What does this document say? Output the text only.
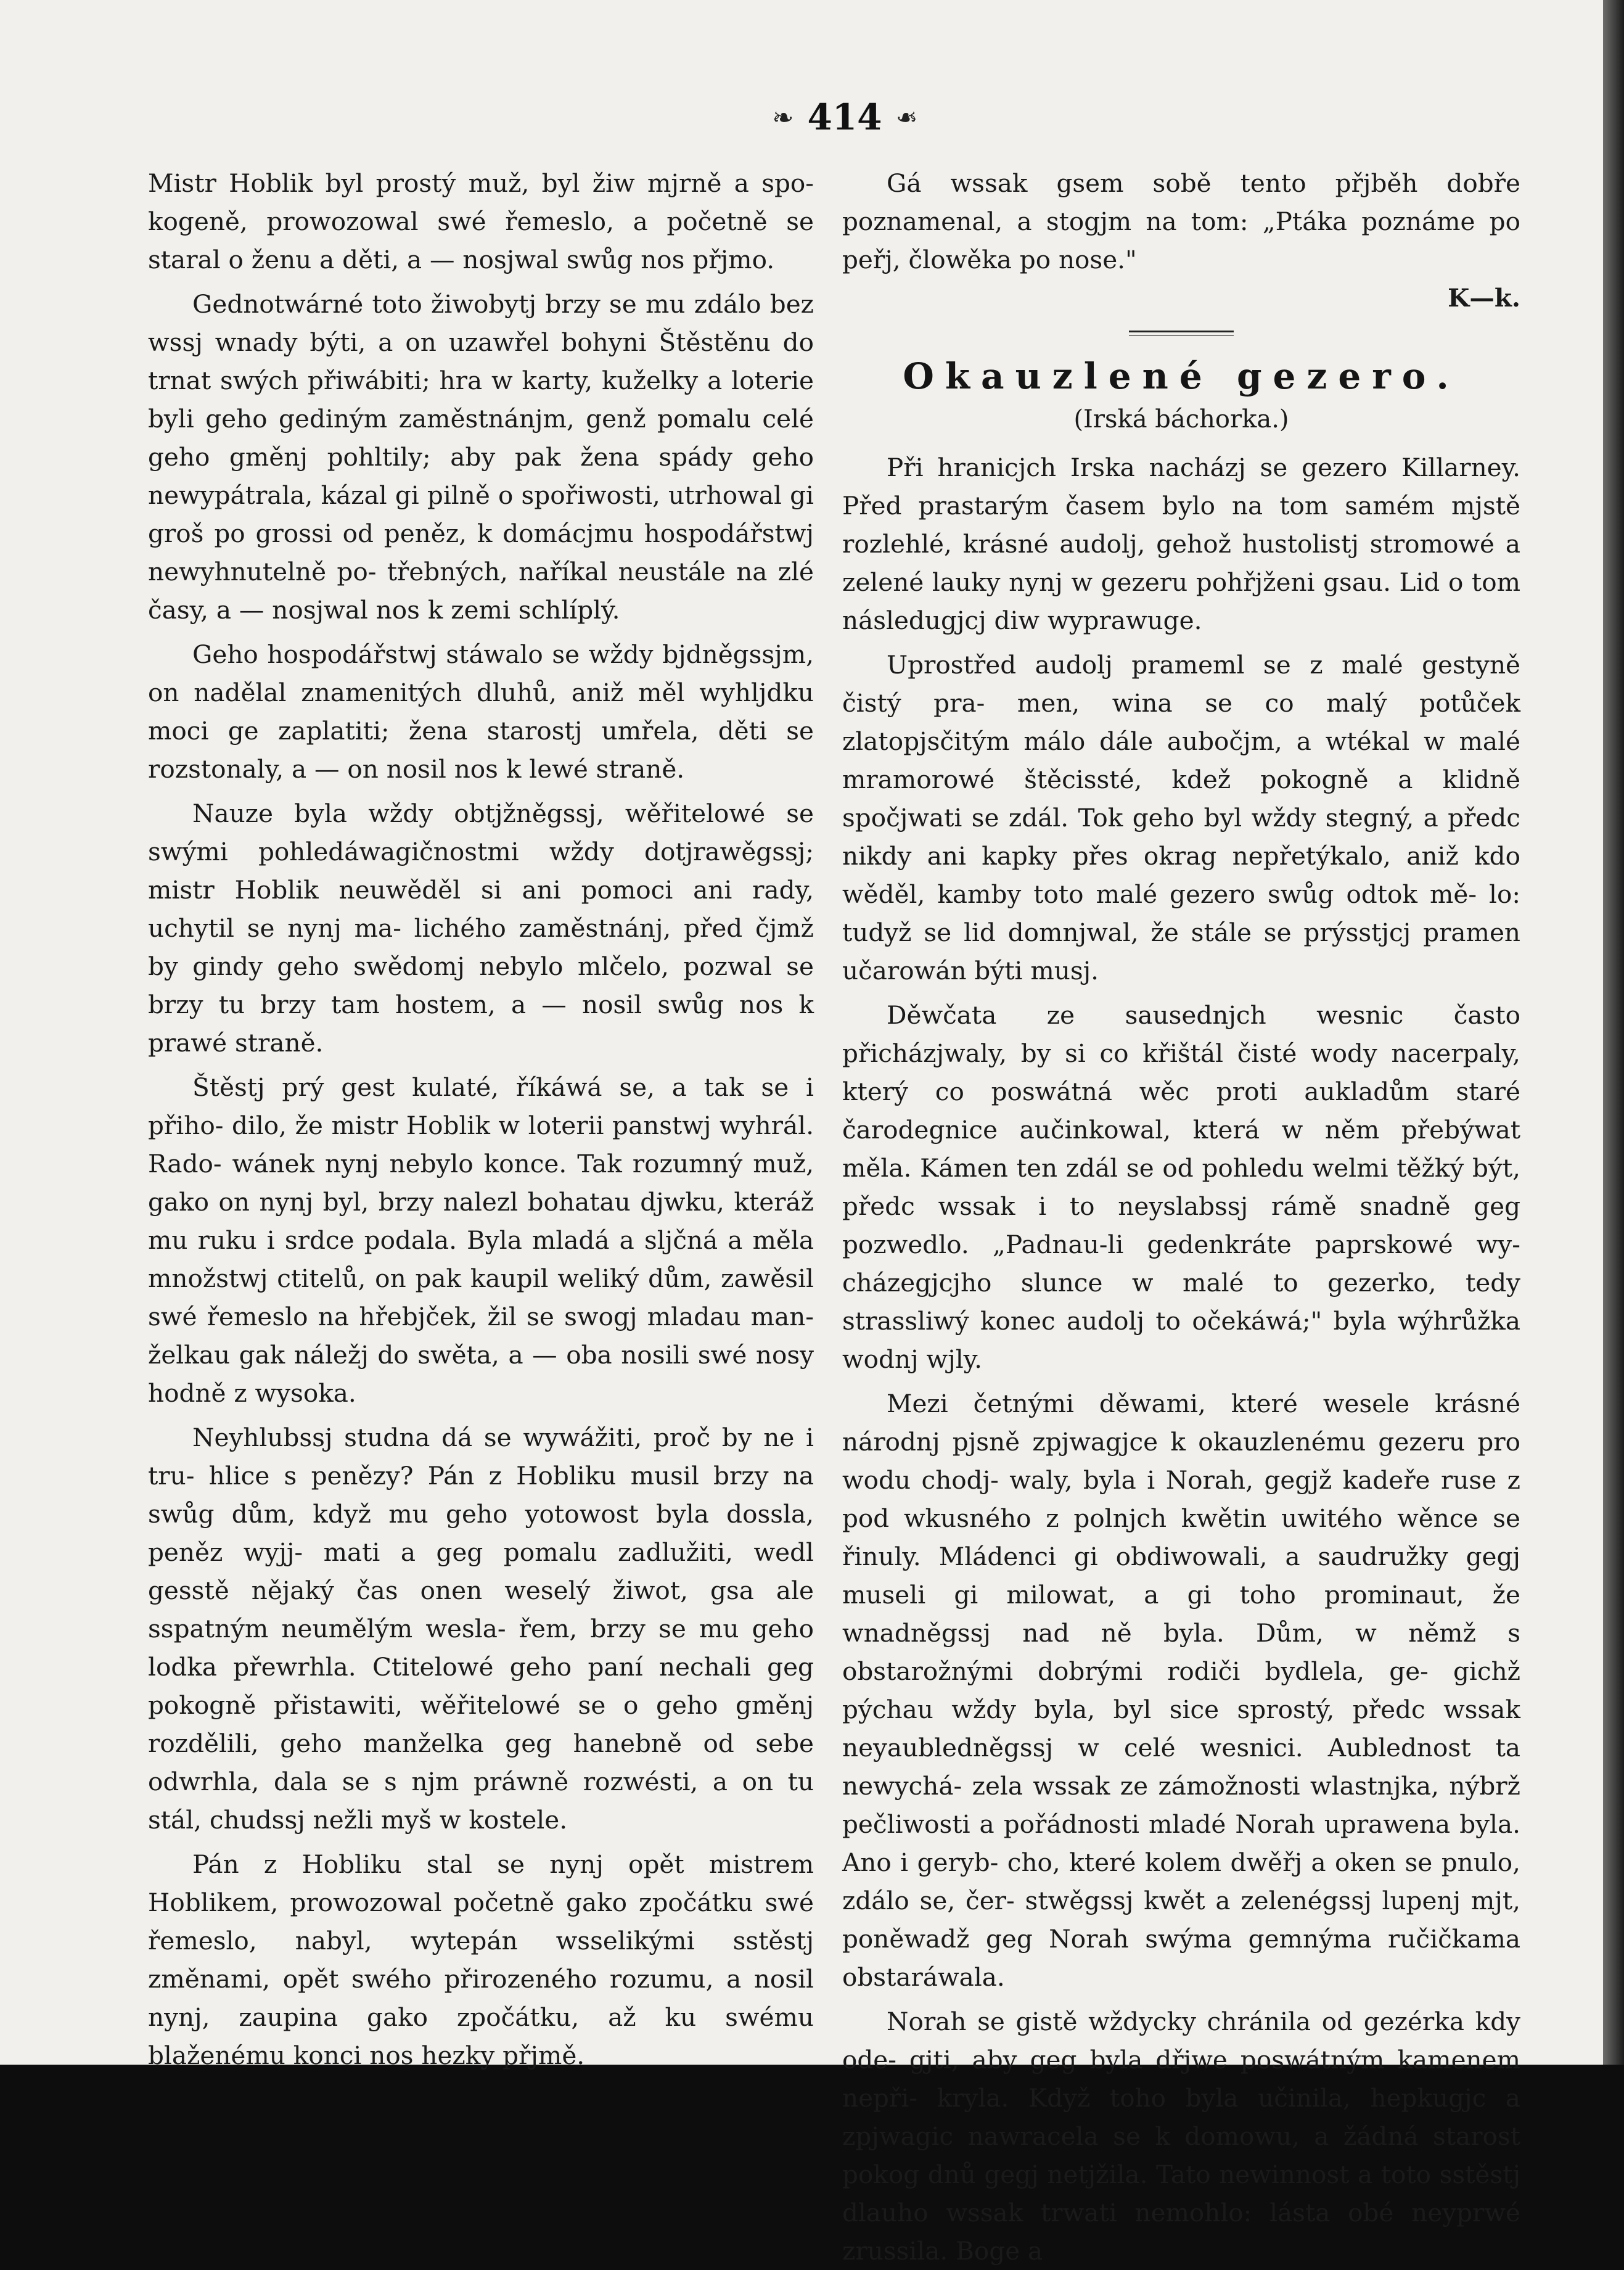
❧ 414 ❧

Mistr Hoblik byl prostý muž, byl žiw mjrně a spo- kogeně, prowozowal swé řemeslo, a početně se staral o ženu a děti, a — nosjwal swůg nos přjmo.

Gednotwárné toto žiwobytj brzy se mu zdálo bez wssj wnady býti, a on uzawřel bohyni Štěstěnu do trnat swých přiwábiti; hra w karty, kuželky a loterie byli geho gediným zaměstnánjm, genž pomalu celé geho gměnj pohltily; aby pak žena spády geho newypátrala, kázal gi pilně o spořiwosti, utrhowal gi groš po grossi od peněz, k domácjmu hospodářstwj newyhnutelně po- třebných, naříkal neustále na zlé časy, a — nosjwal nos k zemi schlíplý.

Geho hospodářstwj stáwalo se wždy bjdněgssjm, on nadělal znamenitých dluhů, aniž měl wyhljdku moci ge zaplatiti; žena starostj umřela, děti se rozstonaly, a — on nosil nos k lewé straně.

Nauze byla wždy obtjžněgssj, wěřitelowé se swými pohledáwagičnostmi wždy dotjrawěgssj; mistr Hoblik neuwěděl si ani pomoci ani rady, uchytil se nynj ma- lichého zaměstnánj, před čjmž by gindy geho swědomj nebylo mlčelo, pozwal se brzy tu brzy tam hostem, a — nosil swůg nos k prawé straně.

Štěstj prý gest kulaté, říkáwá se, a tak se i přiho- dilo, že mistr Hoblik w loterii panstwj wyhrál. Rado- wánek nynj nebylo konce. Tak rozumný muž, gako on nynj byl, brzy nalezl bohatau djwku, kteráž mu ruku i srdce podala. Byla mladá a sljčná a měla množstwj ctitelů, on pak kaupil weliký dům, zawěsil swé řemeslo na hřebjček, žil se swogj mladau man- želkau gak náležj do swěta, a — oba nosili swé nosy hodně z wysoka.

Neyhlubssj studna dá se wywážiti, proč by ne i tru- hlice s penězy? Pán z Hobliku musil brzy na swůg dům, když mu geho yotowost byla dossla, peněz wyjj- mati a geg pomalu zadlužiti, wedl gesstě nějaký čas onen weselý žiwot, gsa ale sspatným neumělým wesla- řem, brzy se mu geho lodka přewrhla. Ctitelowé geho paní nechali geg pokogně přistawiti, wěřitelowé se o geho gměnj rozdělili, geho manželka geg hanebně od sebe odwrhla, dala se s njm práwně rozwésti, a on tu stál, chudssj nežli myš w kostele.

Pán z Hobliku stal se nynj opět mistrem Hoblikem, prowozowal početně gako zpočátku swé řemeslo, nabyl, wytepán wsselikými sstěstj změnami, opět swého přirozeného rozumu, a nosil nynj, zaupina gako zpočátku, až ku swému blaženému konci nos hezky přjmě.

Gá wssak gsem sobě tento přjběh dobře poznamenal, a stogjm na tom: „Ptáka poznáme po peřj, člowěka po nose."

K—k.
Okauzlené gezero.
(Irská báchorka.)

Při hranicjch Irska nacházj se gezero Killarney. Před prastarým časem bylo na tom samém mjstě rozlehlé, krásné audolj, gehož hustolistj stromowé a zelené lauky nynj w gezeru pohřjženi gsau. Lid o tom následugjcj diw wyprawuge.

Uprostřed audolj prameml se z malé gestyně čistý pra- men, wina se co malý potůček zlatopjsčitým málo dále aubočjm, a wtékal w malé mramorowé štěcissté, kdež pokogně a klidně spočjwati se zdál. Tok geho byl wždy stegný, a předc nikdy ani kapky přes okrag nepřetýkalo, aniž kdo wěděl, kamby toto malé gezero swůg odtok mě- lo: tudyž se lid domnjwal, že stále se prýsstjcj pramen učarowán býti musj.

Děwčata ze sausednjch wesnic často přicházjwaly, by si co křištál čisté wody nacerpaly, který co poswátná wěc proti aukladům staré čarodegnice aučinkowal, která w něm přebýwat měla. Kámen ten zdál se od pohledu welmi těžký být, předc wssak i to neyslabssj rámě snadně geg pozwedlo. „Padnau-li gedenkráte paprskowé wy- cházegjcjho slunce w malé to gezerko, tedy strassliwý konec audolj to očekáwá;" byla wýhrůžka wodnj wjly.

Mezi četnými děwami, které wesele krásné národnj pjsně zpjwagjce k okauzlenému gezeru pro wodu chodj- waly, byla i Norah, gegjž kadeře ruse z pod wkusného z polnjch kwětin uwitého wěnce se řinuly. Mládenci gi obdiwowali, a saudružky gegj museli gi milowat, a gi toho prominaut, že wnadněgssj nad ně byla. Dům, w němž s obstarožnými dobrými rodiči bydlela, ge- gichž pýchau wždy byla, byl sice sprostý, předc wssak neyaubledněgssj w celé wesnici. Aublednost ta newychá- zela wssak ze zámožnosti wlastnjka, nýbrž pečliwosti a pořádnosti mladé Norah uprawena byla. Ano i geryb- cho, které kolem dwěřj a oken se pnulo, zdálo se, čer- stwěgssj kwět a zelenégssj lupenj mjt, poněwadž geg Norah swýma gemnýma ručičkama obstaráwala.

Norah se gistě wždycky chránila od gezérka kdy ode- gjti, aby geg byla dřjwe poswátným kamenem nepři- kryla. Když toho byla učinila, hepkugjc a zpjwagic nawracela se k domowu, a žádná starost pokog dnů gegj netjžila. Tato newinnost a toto sstěstj dlauho wssak trwati nemohlo: lásta obé neyprwé zrussila. Boge a
